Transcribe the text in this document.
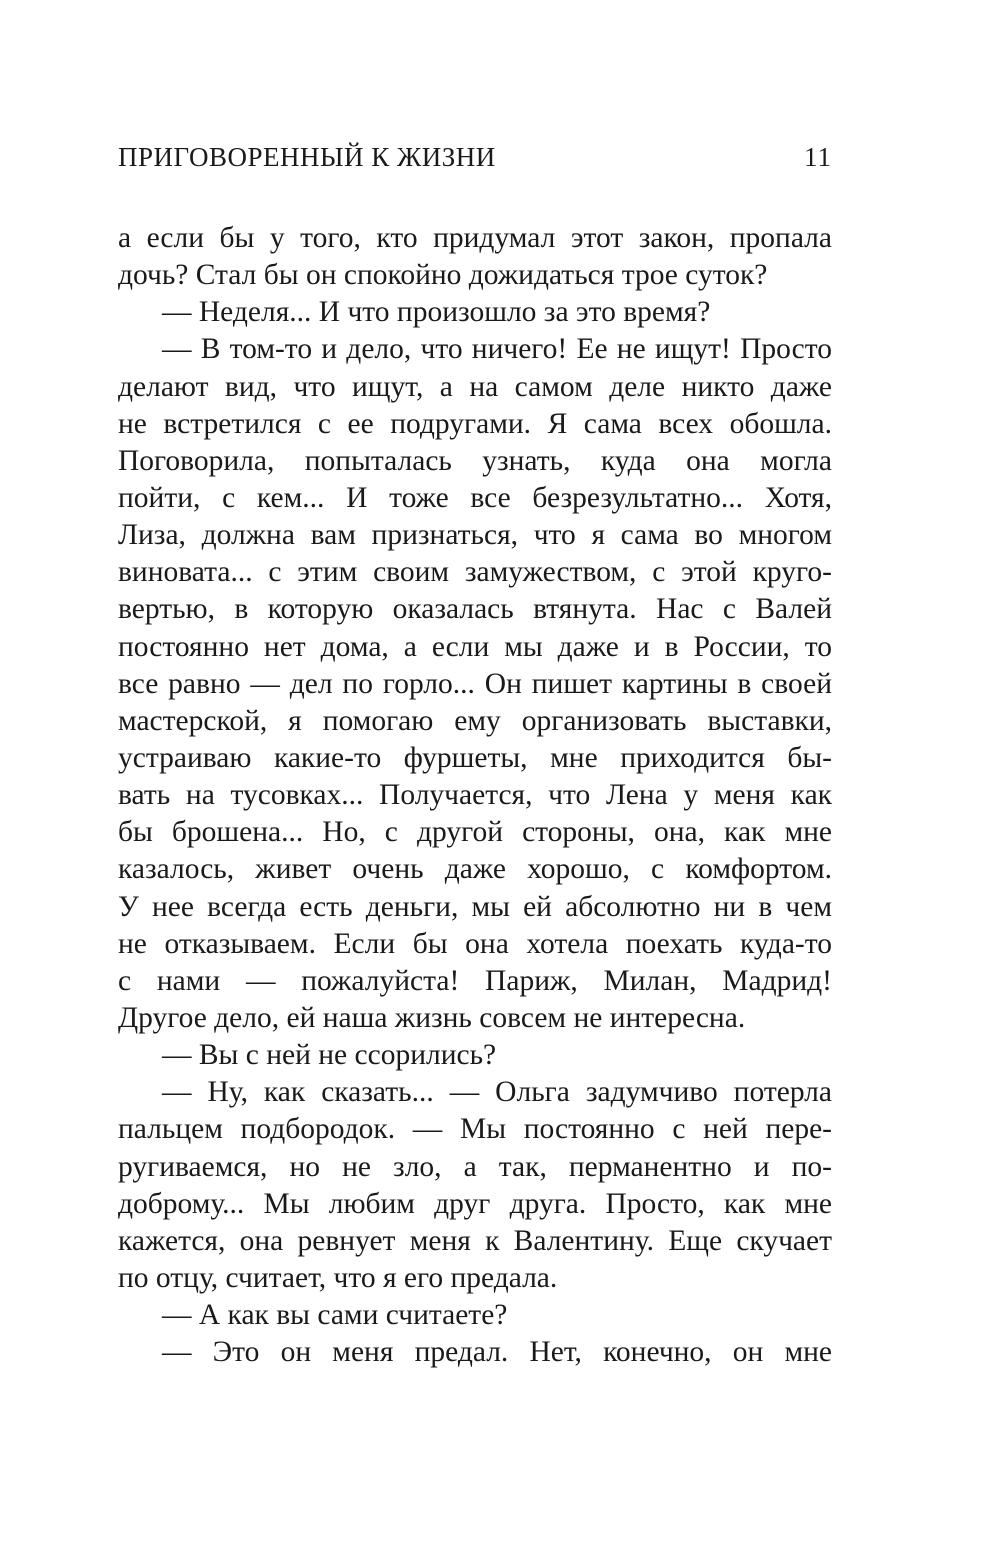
ПРИГОВОРЕННЫЙ К ЖИЗНИ	11
а если бы у того, кто придумал этот закон, пропала
дочь? Стал бы он спокойно дожидаться трое суток?
— Неделя... И что произошло за это время?
— В том-то и дело, что ничего! Ее не ищут! Просто
делают вид, что ищут, а на самом деле никто даже
не встретился с ее подругами. Я сама всех обошла.
Поговорила, попыталась узнать, куда она могла
пойти, с кем... И тоже все безрезультатно... Хотя,
Лиза, должна вам признаться, что я сама во многом
виновата... с этим своим замужеством, с этой круго-
вертью, в которую оказалась втянута. Нас с Валей
постоянно нет дома, а если мы даже и в России, то
все равно — дел по горло... Он пишет картины в своей
мастерской, я помогаю ему организовать выставки,
устраиваю какие-то фуршеты, мне приходится бы-
вать на тусовках... Получается, что Лена у меня как
бы брошена... Но, с другой стороны, она, как мне
казалось, живет очень даже хорошо, с комфортом.
У нее всегда есть деньги, мы ей абсолютно ни в чем
не отказываем. Если бы она хотела поехать куда-то
с нами — пожалуйста! Париж, Милан, Мадрид!
Другое дело, ей наша жизнь совсем не интересна.
— Вы с ней не ссорились?
— Ну, как сказать... — Ольга задумчиво потерла
пальцем подбородок. — Мы постоянно с ней пере-
ругиваемся, но не зло, а так, перманентно и по-
доброму... Мы любим друг друга. Просто, как мне
кажется, она ревнует меня к Валентину. Еще скучает
по отцу, считает, что я его предала.
— А как вы сами считаете?
— Это он меня предал. Нет, конечно, он мне
